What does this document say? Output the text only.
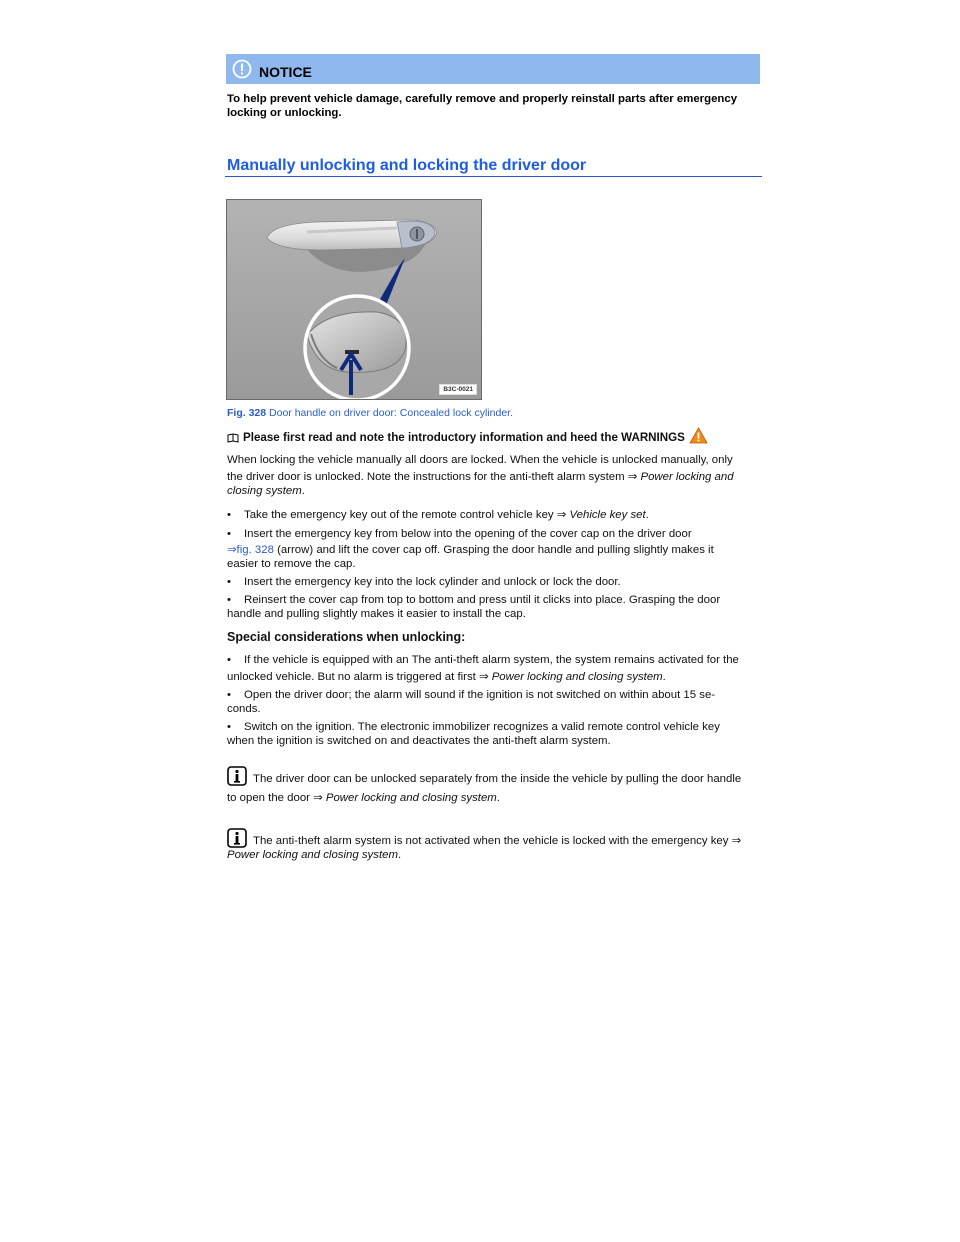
NOTICE
To help prevent vehicle damage, carefully remove and properly reinstall parts after emergency locking or unlocking.
Manually unlocking and locking the driver door
B3C-0021
Fig. 328 Door handle on driver door: Concealed lock cylinder.
Please first read and note the introductory information and heed the WARNINGS
When locking the vehicle manually all doors are locked. When the vehicle is unlocked manually, only
the driver door is unlocked. Note the instructions for the anti-theft alarm system ⇒ Power locking and
closing system.
• Take the emergency key out of the remote control vehicle key ⇒ Vehicle key set.
• Insert the emergency key from below into the opening of the cover cap on the driver door
⇒fig. 328 (arrow) and lift the cover cap off. Grasping the door handle and pulling slightly makes it
easier to remove the cap.
• Insert the emergency key into the lock cylinder and unlock or lock the door.
• Reinsert the cover cap from top to bottom and press until it clicks into place. Grasping the door
handle and pulling slightly makes it easier to install the cap.
Special considerations when unlocking:
• If the vehicle is equipped with an The anti-theft alarm system, the system remains activated for the
unlocked vehicle. But no alarm is triggered at first ⇒ Power locking and closing system.
• Open the driver door; the alarm will sound if the ignition is not switched on within about 15 se-
conds.
• Switch on the ignition. The electronic immobilizer recognizes a valid remote control vehicle key
when the ignition is switched on and deactivates the anti-theft alarm system.
The driver door can be unlocked separately from the inside the vehicle by pulling the door handle
to open the door ⇒ Power locking and closing system.
The anti-theft alarm system is not activated when the vehicle is locked with the emergency key ⇒
Power locking and closing system.
